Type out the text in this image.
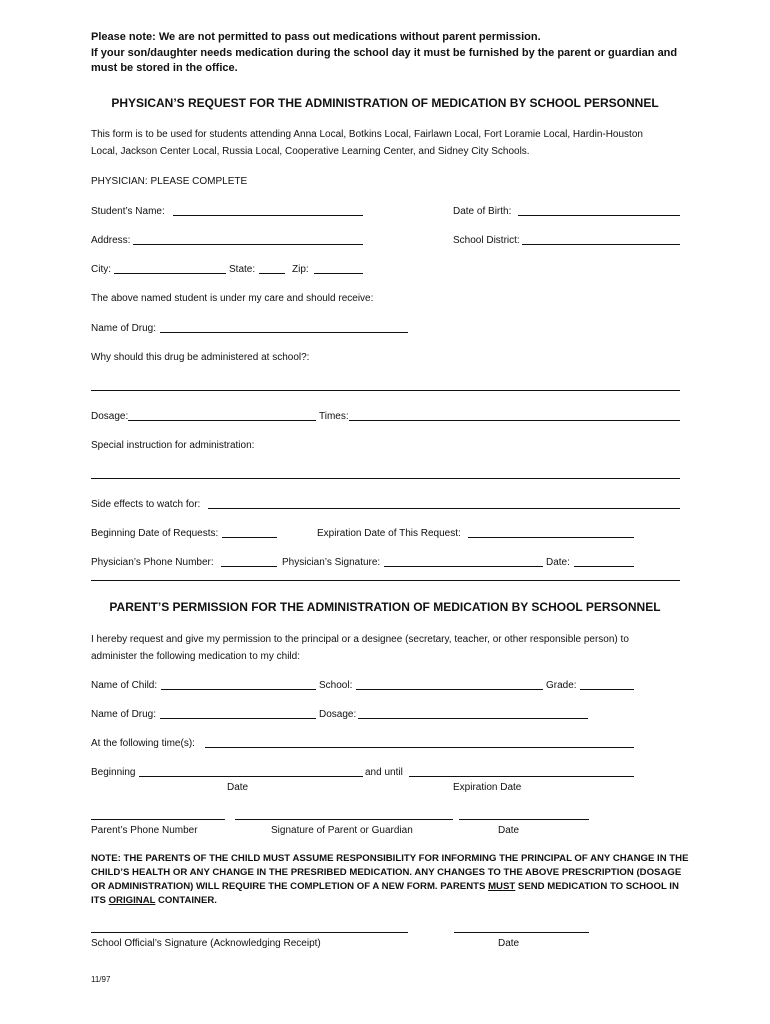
Please note: We are not permitted to pass out medications without parent permission.
If your son/daughter needs medication during the school day it must be furnished by the parent or guardian and
must be stored in the office.
PHYSICAN’S REQUEST FOR THE ADMINISTRATION OF MEDICATION BY SCHOOL PERSONNEL
This form is to be used for students attending Anna Local, Botkins Local, Fairlawn Local, Fort Loramie Local, Hardin-Houston
Local, Jackson Center Local, Russia Local, Cooperative Learning Center, and Sidney City Schools.
PHYSICIAN: PLEASE COMPLETE
Student’s Name:	Date of Birth:
Address:	School District:
City:	State:	Zip:
The above named student is under my care and should receive:
Name of Drug:
Why should this drug be administered at school?:
Dosage:	Times:
Special instruction for administration:
Side effects to watch for:
Beginning Date of Requests:	Expiration Date of This Request:
Physician’s Phone Number:	Physician’s Signature:	Date:
PARENT’S PERMISSION FOR THE ADMINISTRATION OF MEDICATION BY SCHOOL PERSONNEL
I hereby request and give my permission to the principal or a designee (secretary, teacher, or other responsible person) to
administer the following medication to my child:
Name of Child:	School:	Grade:
Name of Drug:	Dosage:
At the following time(s):
Beginning	and until
Date	Expiration Date
Parent’s Phone Number	Signature of Parent or Guardian	Date
NOTE: THE PARENTS OF THE CHILD MUST ASSUME RESPONSIBILITY FOR INFORMING THE PRINCIPAL OF ANY CHANGE IN THE
CHILD’S HEALTH OR ANY CHANGE IN THE PRESRIBED MEDICATION. ANY CHANGES TO THE ABOVE PRESCRIPTION (DOSAGE
OR ADMINISTRATION) WILL REQUIRE THE COMPLETION OF A NEW FORM. PARENTS MUST SEND MEDICATION TO SCHOOL IN
ITS ORIGINAL CONTAINER.
School Official’s Signature (Acknowledging Receipt)	Date
11/97
